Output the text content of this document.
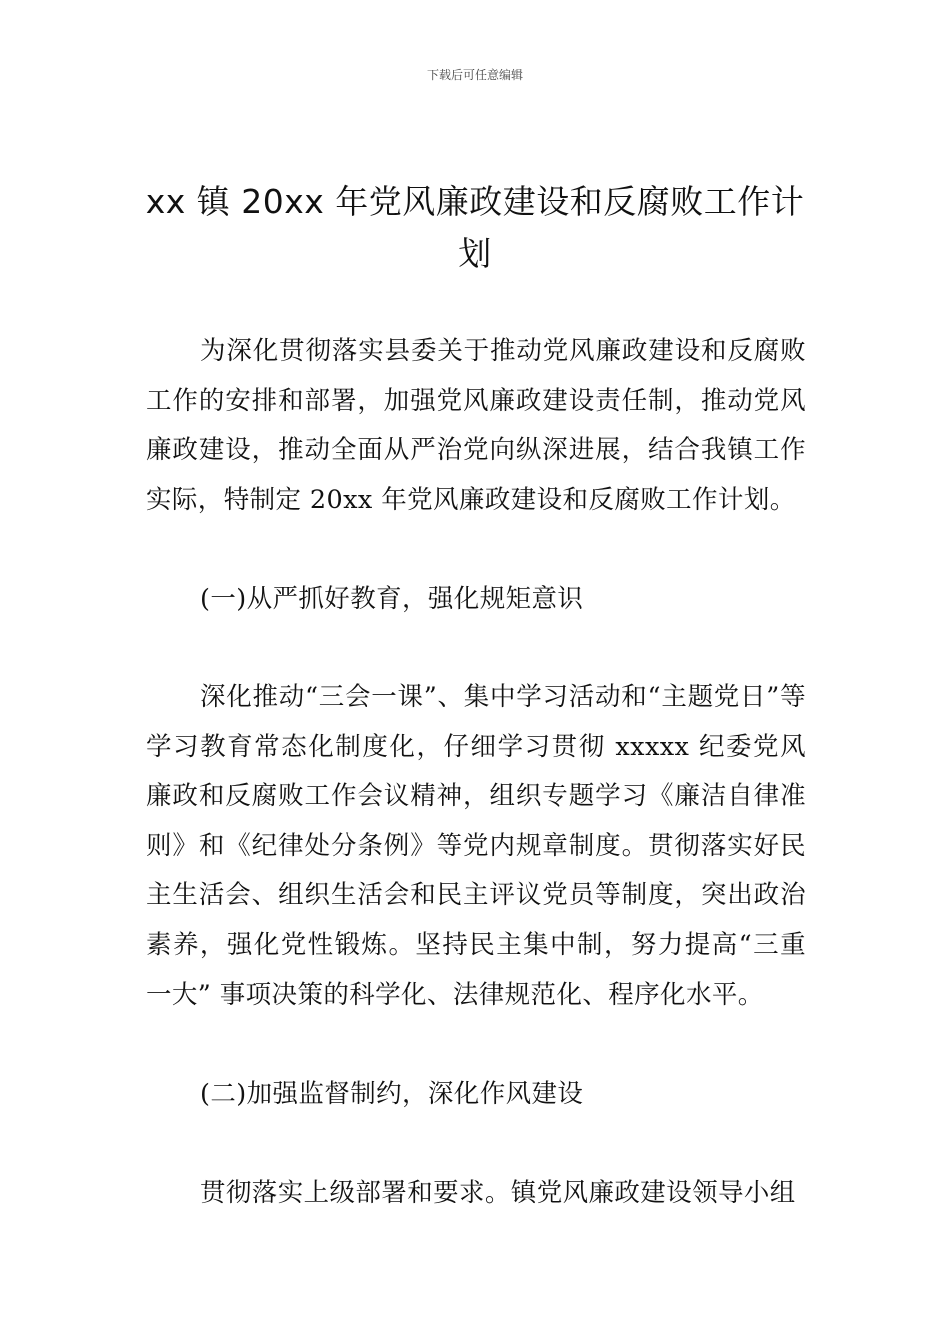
下载后可任意编辑
xx 镇 20xx 年党风廉政建设和反腐败工作计划

为深化贯彻落实县委关于推动党风廉政建设和反腐败工作的安排和部署，加强党风廉政建设责任制，推动党风廉政建设，推动全面从严治党向纵深进展，结合我镇工作实际，特制定 20xx 年党风廉政建设和反腐败工作计划。

(一)从严抓好教育，强化规矩意识

深化推动“三会一课”、集中学习活动和“主题党日”等学习教育常态化制度化，仔细学习贯彻 xxxxx 纪委党风廉政和反腐败工作会议精神，组织专题学习《廉洁自律准则》和《纪律处分条例》等党内规章制度。贯彻落实好民主生活会、组织生活会和民主评议党员等制度，突出政治素养，强化党性锻炼。坚持民主集中制，努力提高“三重一大” 事项决策的科学化、法律规范化、程序化水平。

(二)加强监督制约，深化作风建设

贯彻落实上级部署和要求。镇党风廉政建设领导小组
